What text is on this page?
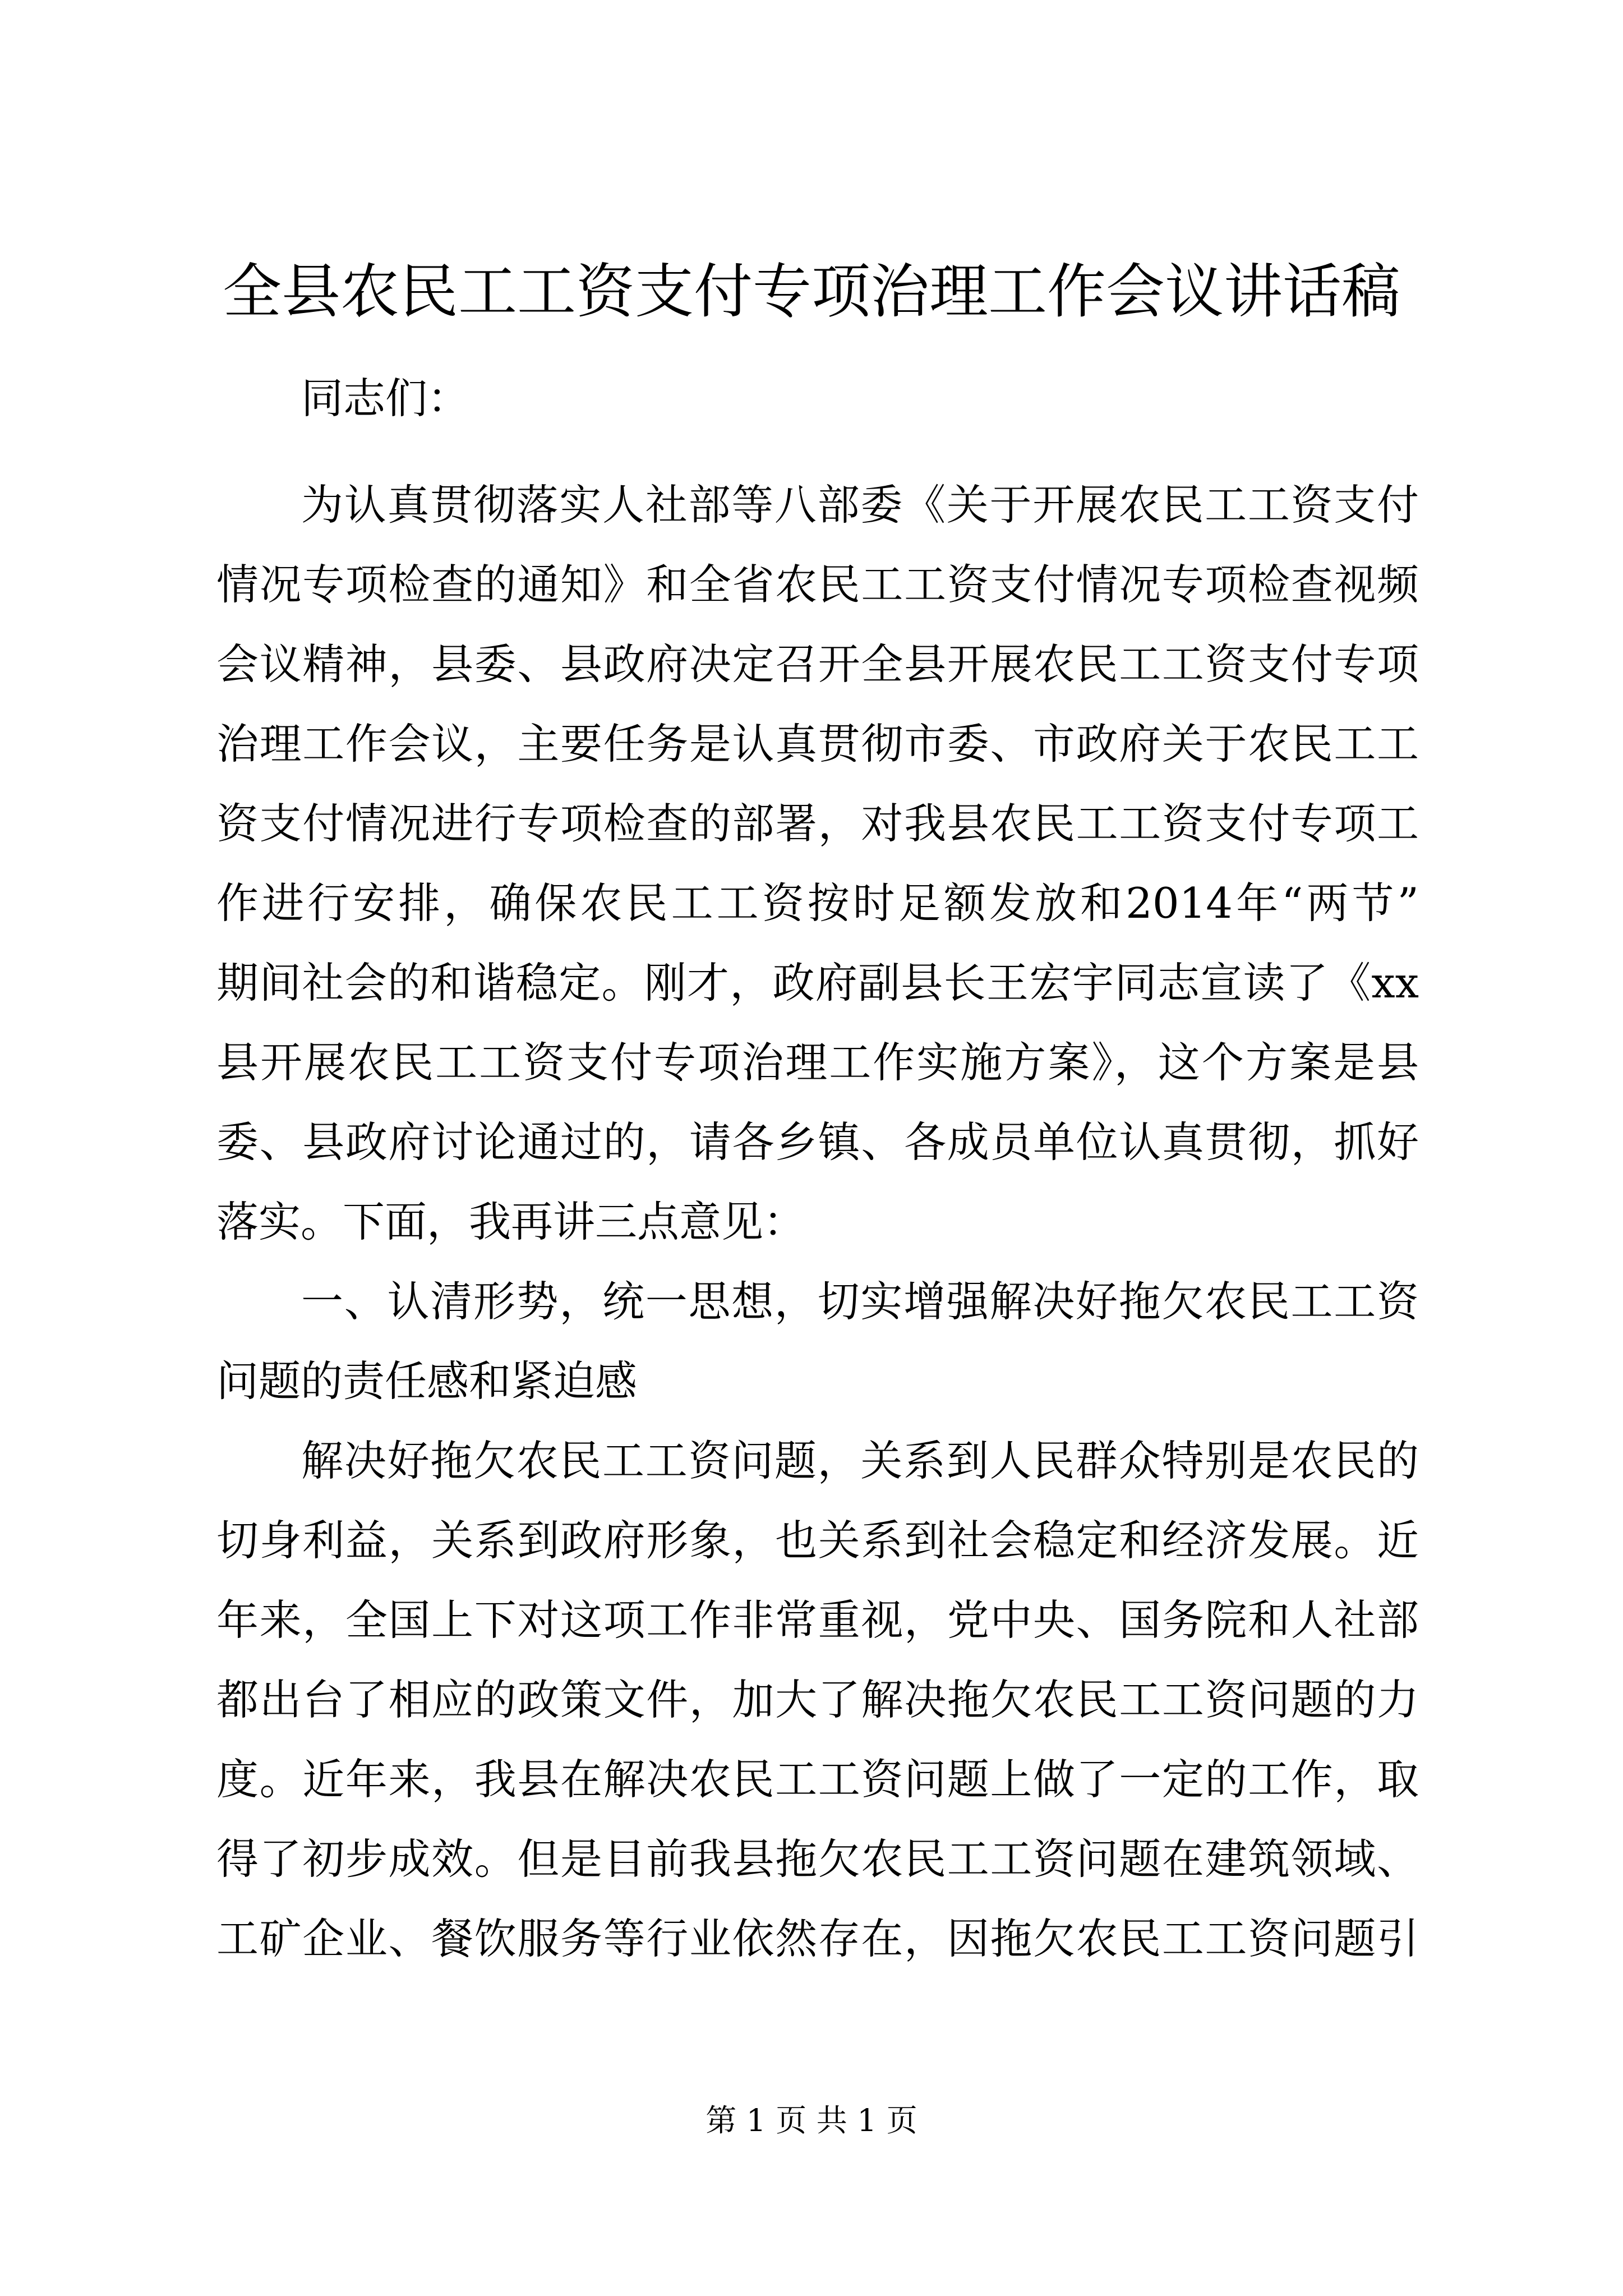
全县农民工工资支付专项治理工作会议讲话稿
同志们：
为认真贯彻落实人社部等八部委《关于开展农民工工资支付
情况专项检查的通知》和全省农民工工资支付情况专项检查视频
会议精神，县委、县政府决定召开全县开展农民工工资支付专项
治理工作会议，主要任务是认真贯彻市委、市政府关于农民工工
资支付情况进行专项检查的部署，对我县农民工工资支付专项工
作进行安排，确保农民工工资按时足额发放和2014年“两节”
期间社会的和谐稳定。刚才，政府副县长王宏宇同志宣读了《xx
县开展农民工工资支付专项治理工作实施方案》，这个方案是县
委、县政府讨论通过的，请各乡镇、各成员单位认真贯彻，抓好
落实。下面，我再讲三点意见：
一、认清形势，统一思想，切实增强解决好拖欠农民工工资
问题的责任感和紧迫感
解决好拖欠农民工工资问题，关系到人民群众特别是农民的
切身利益，关系到政府形象，也关系到社会稳定和经济发展。近
年来，全国上下对这项工作非常重视，党中央、国务院和人社部
都出台了相应的政策文件，加大了解决拖欠农民工工资问题的力
度。近年来，我县在解决农民工工资问题上做了一定的工作，取
得了初步成效。但是目前我县拖欠农民工工资问题在建筑领域、
工矿企业、餐饮服务等行业依然存在，因拖欠农民工工资问题引
第 1 页 共 1 页
